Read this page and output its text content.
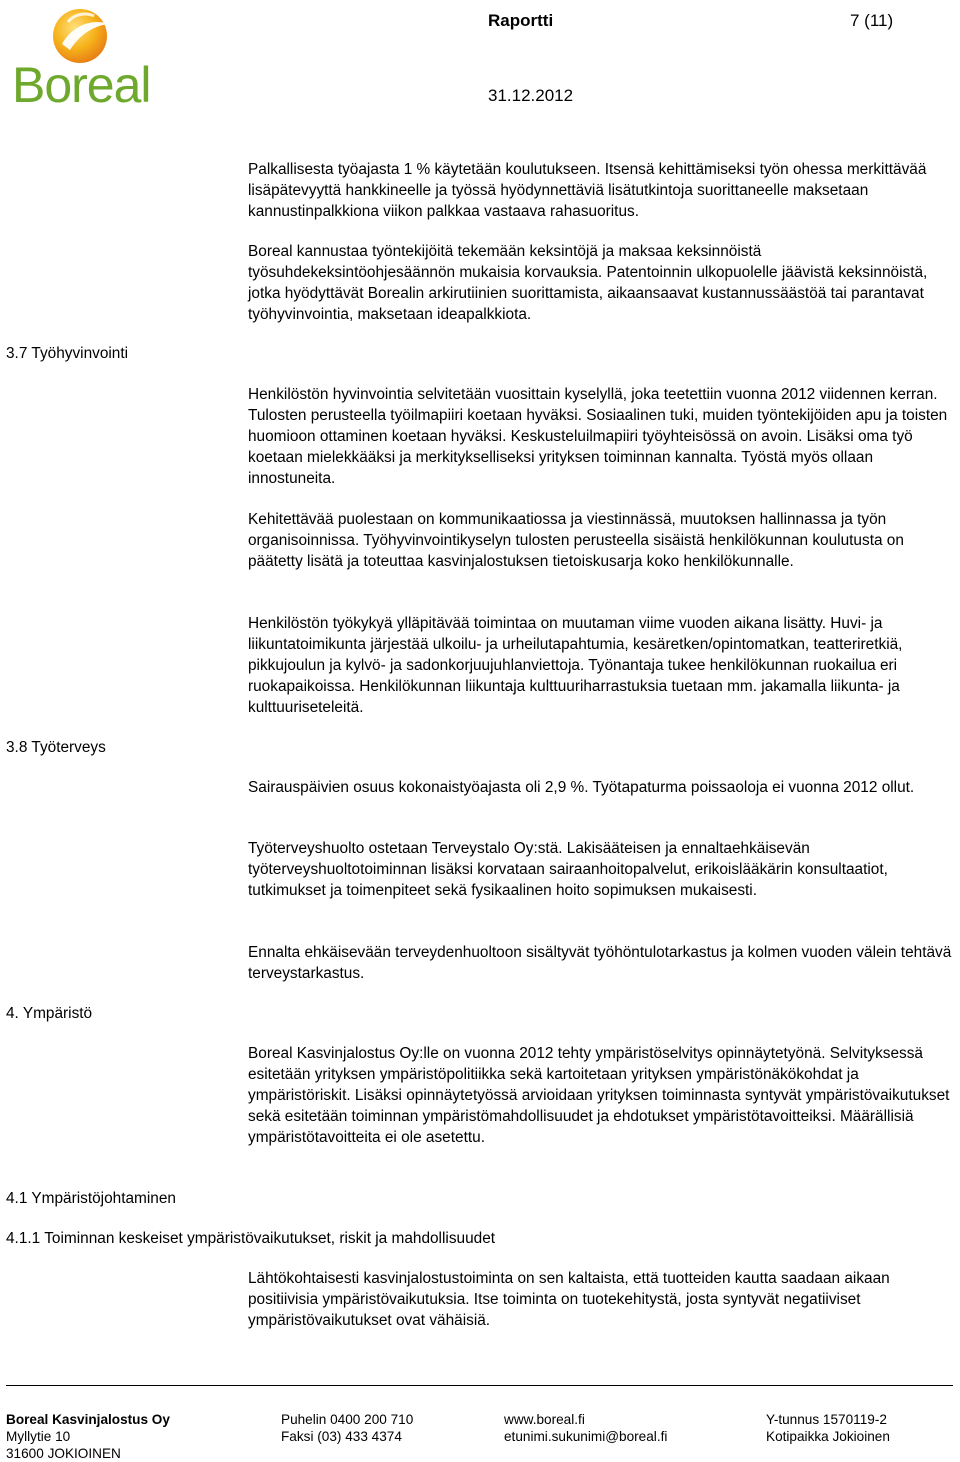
Boreal
Raportti	7 (11)
31.12.2012
3.7 Työhyvinvointi
3.8 Työterveys
4. Ympäristö
4.1 Ympäristöjohtaminen
4.1.1 Toiminnan keskeiset ympäristövaikutukset, riskit ja mahdollisuudet

Palkallisesta työajasta 1 % käytetään koulutukseen. Itsensä kehittämiseksi työn ohessa merkittävää lisäpätevyyttä hankkineelle ja työssä hyödynnettäviä lisätutkintoja suorittaneelle maksetaan kannustinpalkkiona viikon palkkaa vastaava rahasuoritus.

Boreal kannustaa työntekijöitä tekemään keksintöjä ja maksaa keksinnöistä työsuhdekeksintöohjesäännön mukaisia korvauksia. Patentoinnin ulkopuolelle jäävistä keksinnöistä, jotka hyödyttävät Borealin arkirutiinien suorittamista, aikaansaavat kustannussäästöä tai parantavat työhyvinvointia, maksetaan ideapalkkiota.

Henkilöstön hyvinvointia selvitetään vuosittain kyselyllä, joka teetettiin vuonna 2012 viidennen kerran. Tulosten perusteella työilmapiiri koetaan hyväksi. Sosiaalinen tuki, muiden työntekijöiden apu ja toisten huomioon ottaminen koetaan hyväksi. Keskusteluilmapiiri työyhteisössä on avoin. Lisäksi oma työ koetaan mielekkääksi ja merkitykselliseksi yrityksen toiminnan kannalta. Työstä myös ollaan innostuneita.

Kehitettävää puolestaan on kommunikaatiossa ja viestinnässä, muutoksen hallinnassa ja työn organisoinnissa. Työhyvinvointikyselyn tulosten perusteella sisäistä henkilökunnan koulutusta on päätetty lisätä ja toteuttaa kasvinjalostuksen tietoiskusarja koko henkilökunnalle.

Henkilöstön työkykyä ylläpitävää toimintaa on muutaman viime vuoden aikana lisätty. Huvi- ja liikuntatoimikunta järjestää ulkoilu- ja urheilutapahtumia, kesäretken/opintomatkan, teatteriretkiä, pikkujoulun ja kylvö- ja sadonkorjuujuhlanviettoja. Työnantaja tukee henkilökunnan ruokailua eri ruokapaikoissa. Henkilökunnan liikuntaja kulttuuriharrastuksia tuetaan mm. jakamalla liikunta- ja kulttuuriseteleitä.

Sairauspäivien osuus kokonaistyöajasta oli 2,9 %. Työtapaturma poissaoloja ei vuonna 2012 ollut.

Työterveyshuolto ostetaan Terveystalo Oy:stä. Lakisääteisen ja ennaltaehkäisevän työterveyshuoltotoiminnan lisäksi korvataan sairaanhoitopalvelut, erikoislääkärin konsultaatiot, tutkimukset ja toimenpiteet sekä fysikaalinen hoito sopimuksen mukaisesti.

Ennalta ehkäisevään terveydenhuoltoon sisältyvät työhöntulotarkastus ja kolmen vuoden välein tehtävä terveystarkastus.

Boreal Kasvinjalostus Oy:lle on vuonna 2012 tehty ympäristöselvitys opinnäytetyönä. Selvityksessä esitetään yrityksen ympäristöpolitiikka sekä kartoitetaan yrityksen ympäristönäkökohdat ja ympäristöriskit. Lisäksi opinnäytetyössä arvioidaan yrityksen toiminnasta syntyvät ympäristövaikutukset sekä esitetään toiminnan ympäristömahdollisuudet ja ehdotukset ympäristötavoitteiksi. Määrällisiä ympäristötavoitteita ei ole asetettu.

Lähtökohtaisesti kasvinjalostustoiminta on sen kaltaista, että tuotteiden kautta saadaan aikaan positiivisia ympäristövaikutuksia. Itse toiminta on tuotekehitystä, josta syntyvät negatiiviset ympäristövaikutukset ovat vähäisiä.

Boreal Kasvinjalostus Oy
Myllytie 10
31600 JOKIOINEN
Puhelin 0400 200 710
Faksi (03) 433 4374
www.boreal.fi
etunimi.sukunimi@boreal.fi
Y-tunnus 1570119-2
Kotipaikka Jokioinen
